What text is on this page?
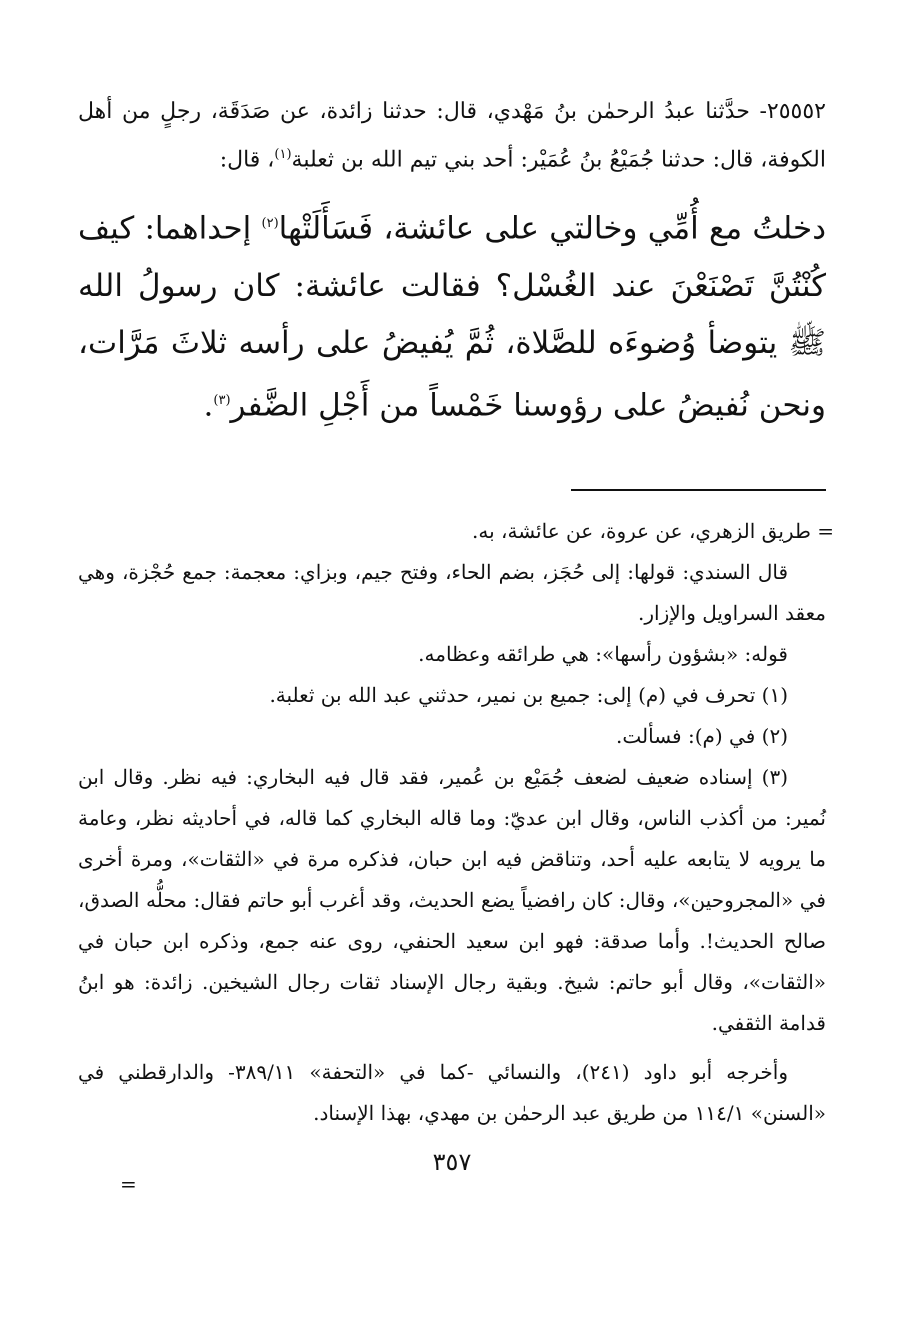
٢٥٥٥٢- حدَّثنا عبدُ الرحمٰن بنُ مَهْدي، قال: حدثنا زائدة، عن صَدَقَة، رجلٍ من أهل الكوفة، قال: حدثنا جُمَيْعُ بنُ عُمَيْر: أحد بني تيم الله بن ثعلبة$^{(١)}$، قال:
دخلتُ مع أُمِّي وخالتي على عائشة، فَسَأَلَتْها$^{(٢)}$ إحداهما: كيف كُنْتُنَّ تَصْنَعْنَ عند الغُسْل؟ فقالت عائشة: كان رسولُ الله ﷺ يتوضأ وُضوءَه للصَّلاة، ثُمَّ يُفيضُ على رأسه ثلاثَ مَرَّات، ونحن نُفيضُ على رؤوسنا خَمْساً من أَجْلِ الضَّفر$^{(٣)}$.
= طريق الزهري، عن عروة، عن عائشة، به.
قال السندي: قولها: إلى حُجَز، بضم الحاء، وفتح جيم، وبزاي: معجمة: جمع حُجْزة، وهي معقد السراويل والإزار.
قوله: «بشؤون رأسها»: هي طرائقه وعظامه.
(١) تحرف في (م) إلى: جميع بن نمير، حدثني عبد الله بن ثعلبة.
(٢) في (م): فسألت.
(٣) إسناده ضعيف لضعف جُمَيْع بن عُمير، فقد قال فيه البخاري: فيه نظر. وقال ابن نُمير: من أكذب الناس، وقال ابن عديّ: وما قاله البخاري كما قاله، في أحاديثه نظر، وعامة ما يرويه لا يتابعه عليه أحد، وتناقض فيه ابن حبان، فذكره مرة في «الثقات»، ومرة أخرى في «المجروحين»، وقال: كان رافضياً يضع الحديث، وقد أغرب أبو حاتم فقال: محلُّه الصدق، صالح الحديث!. وأما صدقة: فهو ابن سعيد الحنفي، روى عنه جمع، وذكره ابن حبان في «الثقات»، وقال أبو حاتم: شيخ. وبقية رجال الإسناد ثقات رجال الشيخين. زائدة: هو ابنُ قدامة الثقفي.
وأخرجه أبو داود (٢٤١)، والنسائي -كما في «التحفة» ٣٨٩/١١- والدارقطني في «السنن» ١١٤/١ من طريق عبد الرحمٰن بن مهدي، بهذا الإسناد.
=
٣٥٧
